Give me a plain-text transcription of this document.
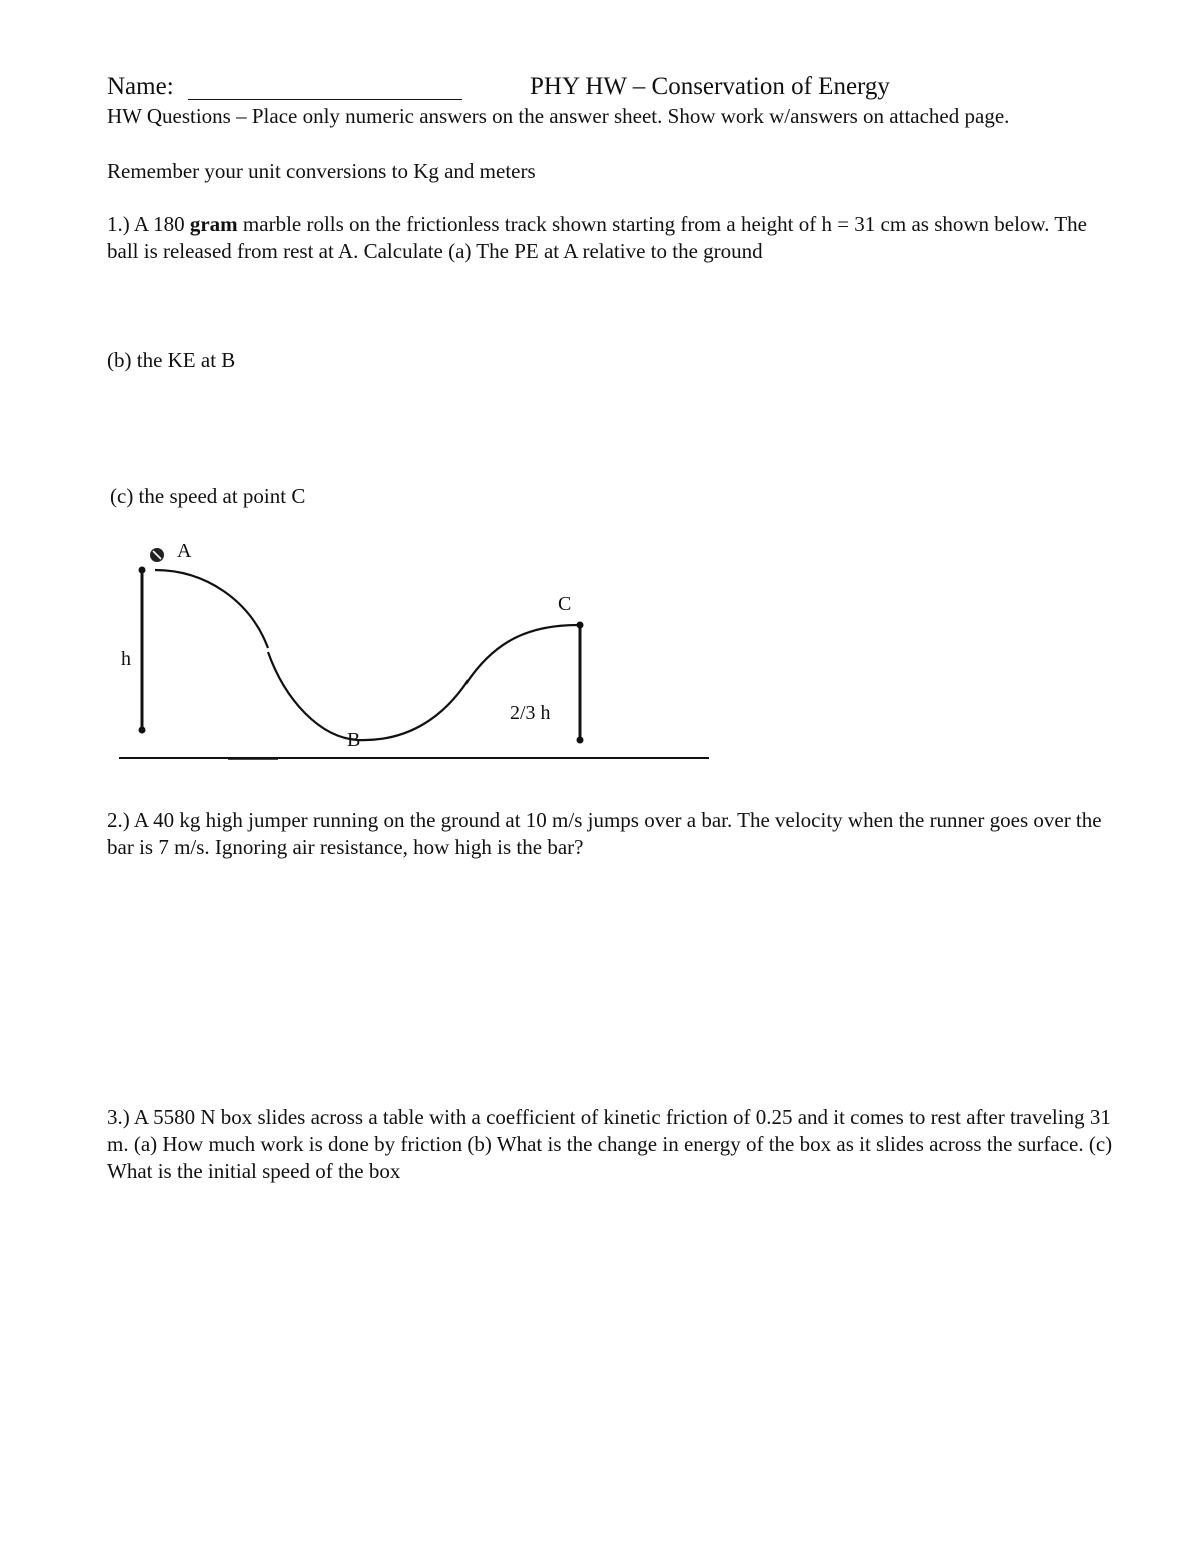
Name:	PHY HW – Conservation of Energy
HW Questions – Place only numeric answers on the answer sheet. Show work w/answers on attached page.
Remember your unit conversions to Kg and meters
1.) A 180 gram marble rolls on the frictionless track shown starting from a height of h = 31 cm as shown below. The ball is released from rest at A. Calculate (a) The PE at A relative to the ground
(b) the KE at B
(c) the speed at point C
A
C
h
2/3 h
B
2.) A 40 kg high jumper running on the ground at 10 m/s jumps over a bar. The velocity when the runner goes over the bar is 7 m/s. Ignoring air resistance, how high is the bar?
3.) A 5580 N box slides across a table with a coefficient of kinetic friction of 0.25 and it comes to rest after traveling 31 m. (a) How much work is done by friction (b) What is the change in energy of the box as it slides across the surface. (c) What is the initial speed of the box
